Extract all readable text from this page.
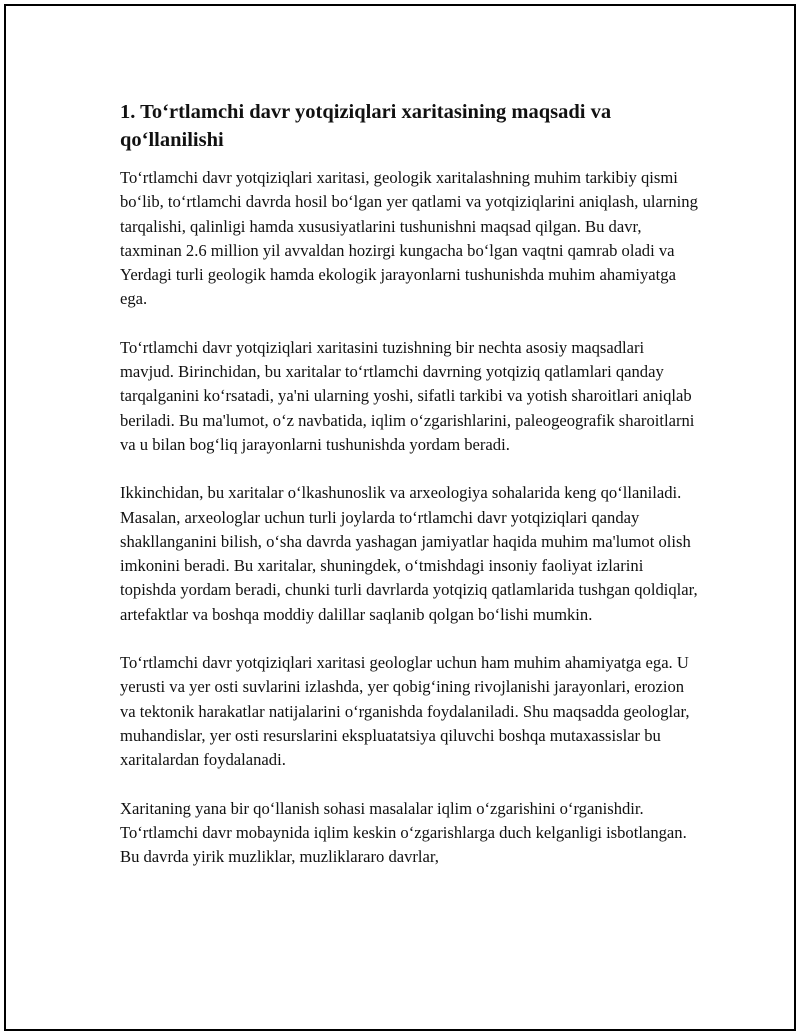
1. To‘rtlamchi davr yotqiziqlari xaritasining maqsadi va qo‘llanilishi

To‘rtlamchi davr yotqiziqlari xaritasi, geologik xaritalashning muhim tarkibiy qismi bo‘lib, to‘rtlamchi davrda hosil bo‘lgan yer qatlami va yotqiziqlarini aniqlash, ularning tarqalishi, qalinligi hamda xususiyatlarini tushunishni maqsad qilgan. Bu davr, taxminan 2.6 million yil avvaldan hozirgi kungacha bo‘lgan vaqtni qamrab oladi va Yerdagi turli geologik hamda ekologik jarayonlarni tushunishda muhim ahamiyatga ega.

To‘rtlamchi davr yotqiziqlari xaritasini tuzishning bir nechta asosiy maqsadlari mavjud. Birinchidan, bu xaritalar to‘rtlamchi davrning yotqiziq qatlamlari qanday tarqalganini ko‘rsatadi, ya'ni ularning yoshi, sifatli tarkibi va yotish sharoitlari aniqlab beriladi. Bu ma'lumot, o‘z navbatida, iqlim o‘zgarishlarini, paleogeografik sharoitlarni va u bilan bog‘liq jarayonlarni tushunishda yordam beradi.

Ikkinchidan, bu xaritalar o‘lkashunoslik va arxeologiya sohalarida keng qo‘llaniladi. Masalan, arxeologlar uchun turli joylarda to‘rtlamchi davr yotqiziqlari qanday shakllanganini bilish, o‘sha davrda yashagan jamiyatlar haqida muhim ma'lumot olish imkonini beradi. Bu xaritalar, shuningdek, o‘tmishdagi insoniy faoliyat izlarini topishda yordam beradi, chunki turli davrlarda yotqiziq qatlamlarida tushgan qoldiqlar, artefaktlar va boshqa moddiy dalillar saqlanib qolgan bo‘lishi mumkin.

To‘rtlamchi davr yotqiziqlari xaritasi geologlar uchun ham muhim ahamiyatga ega. U yerusti va yer osti suvlarini izlashda, yer qobig‘ining rivojlanishi jarayonlari, erozion va tektonik harakatlar natijalarini o‘rganishda foydalaniladi. Shu maqsadda geologlar, muhandislar, yer osti resurslarini ekspluatatsiya qiluvchi boshqa mutaxassislar bu xaritalardan foydalanadi.

Xaritaning yana bir qo‘llanish sohasi masalalar iqlim o‘zgarishini o‘rganishdir. To‘rtlamchi davr mobaynida iqlim keskin o‘zgarishlarga duch kelganligi isbotlangan. Bu davrda yirik muzliklar, muzliklararo davrlar,
